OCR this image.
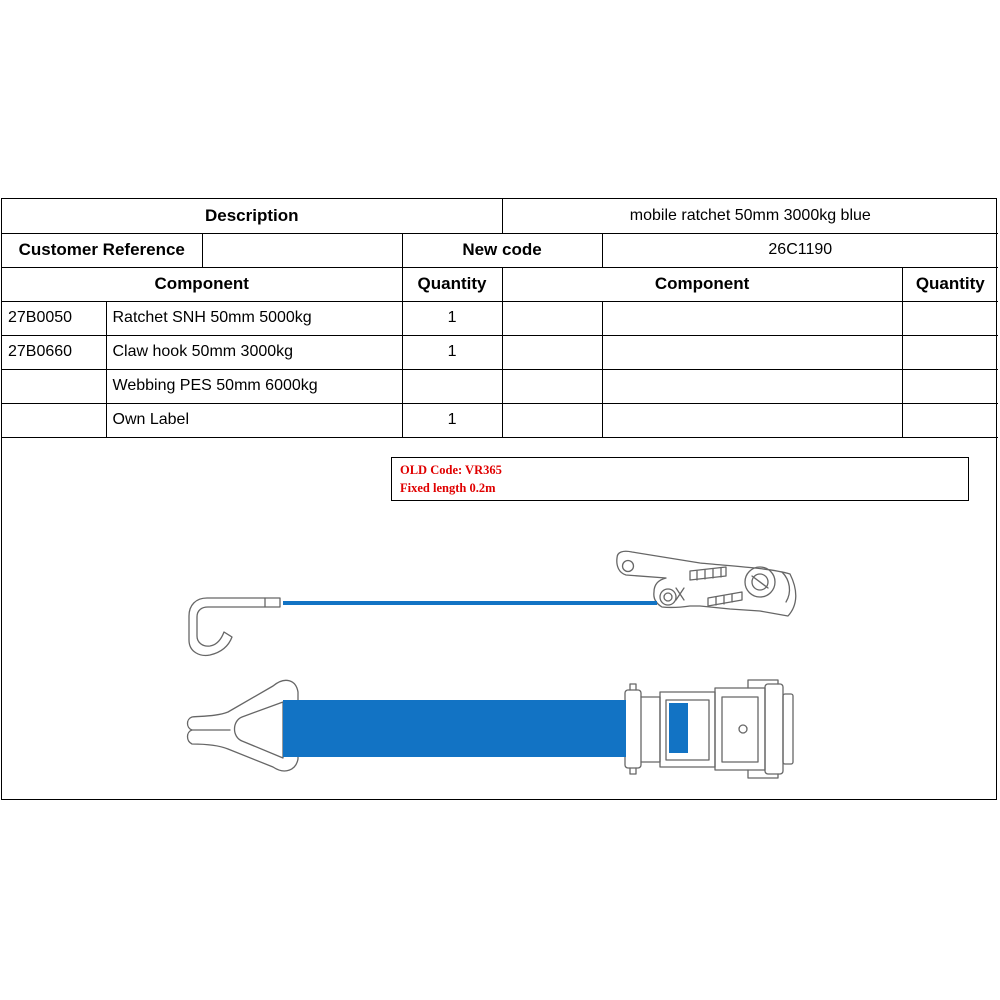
Description				mobile ratchet 50mm 3000kg blue		
Customer Reference			New code		26C1190	
Component			Quantity	Component		Quantity
27B0050	Ratchet SNH 50mm 5000kg		1			
27B0660	Claw hook 50mm 3000kg		1			
	Webbing PES 50mm 6000kg					
	Own Label		1			
OLD Code: VR365
Fixed length 0.2m
